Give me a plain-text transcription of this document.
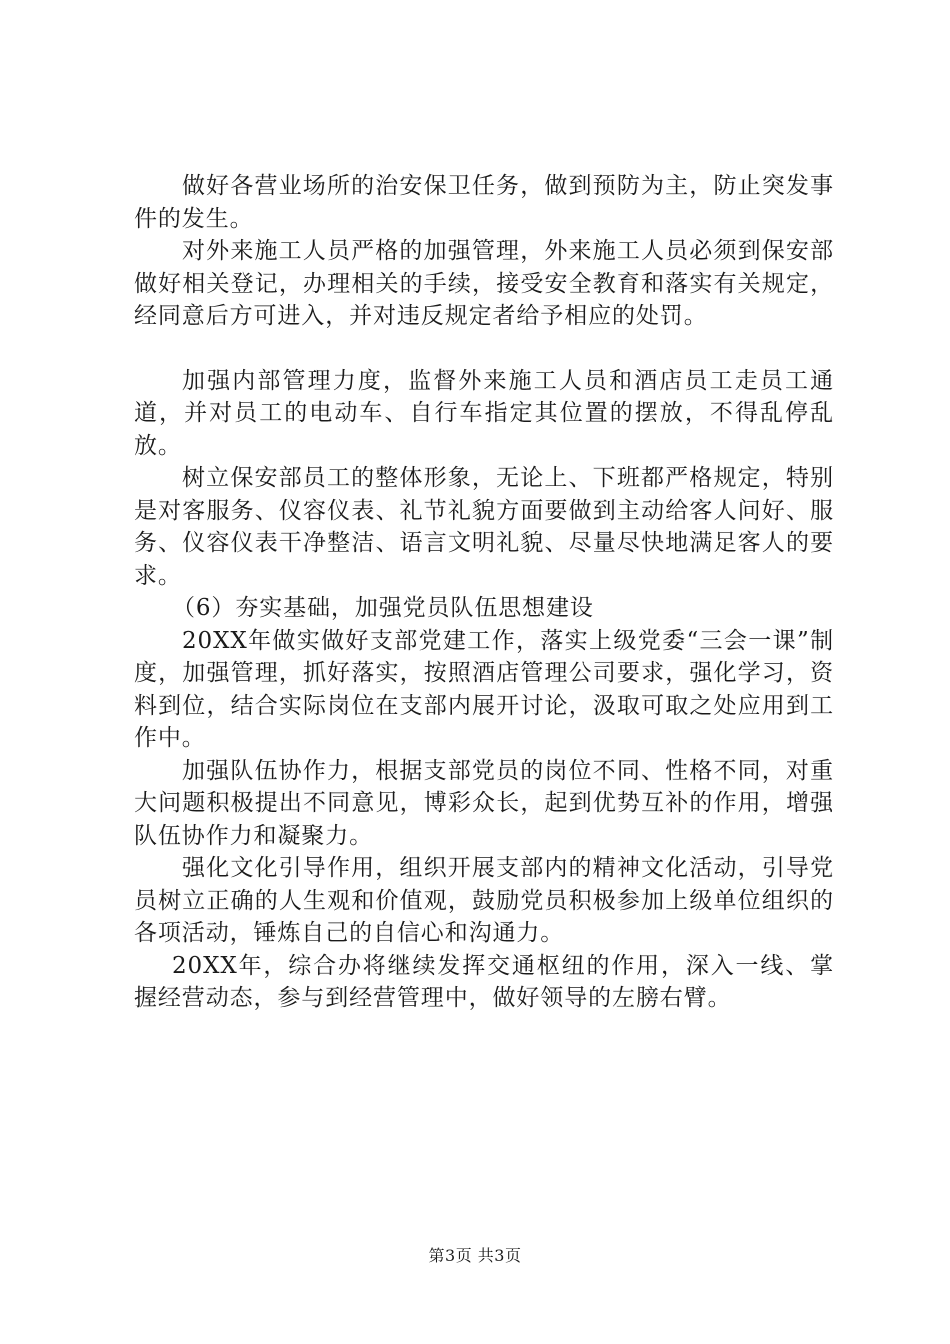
做好各营业场所的治安保卫任务，做到预防为主，防止突发事件的发生。

对外来施工人员严格的加强管理，外来施工人员必须到保安部做好相关登记，办理相关的手续，接受安全教育和落实有关规定，经同意后方可进入，并对违反规定者给予相应的处罚。

加强内部管理力度，监督外来施工人员和酒店员工走员工通道，并对员工的电动车、自行车指定其位置的摆放，不得乱停乱放。

树立保安部员工的整体形象，无论上、下班都严格规定，特别是对客服务、仪容仪表、礼节礼貌方面要做到主动给客人问好、服务、仪容仪表干净整洁、语言文明礼貌、尽量尽快地满足客人的要求。

（6）夯实基础，加强党员队伍思想建设

20XX年做实做好支部党建工作，落实上级党委“三会一课”制度，加强管理，抓好落实，按照酒店管理公司要求，强化学习，资料到位，结合实际岗位在支部内展开讨论，汲取可取之处应用到工作中。

加强队伍协作力，根据支部党员的岗位不同、性格不同，对重大问题积极提出不同意见，博彩众长，起到优势互补的作用，增强队伍协作力和凝聚力。

强化文化引导作用，组织开展支部内的精神文化活动，引导党员树立正确的人生观和价值观，鼓励党员积极参加上级单位组织的各项活动，锤炼自己的自信心和沟通力。

20XX年，综合办将继续发挥交通枢纽的作用，深入一线、掌握经营动态，参与到经营管理中，做好领导的左膀右臂。

第3页 共3页
